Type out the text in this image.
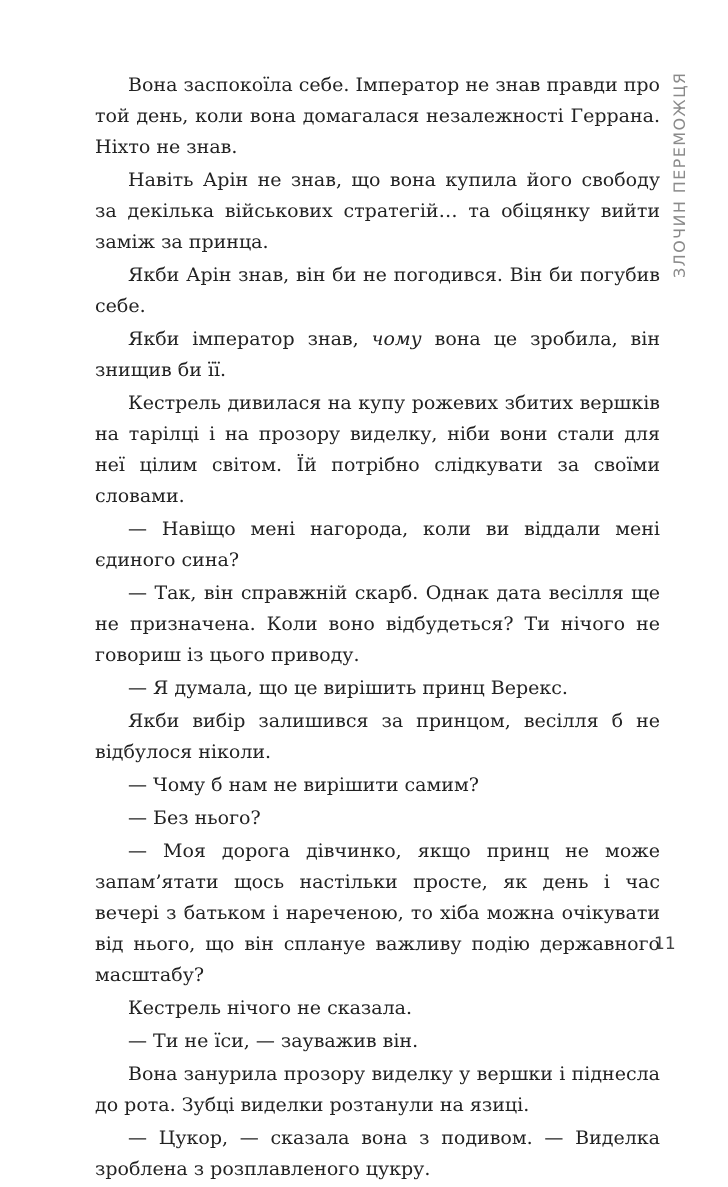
Вона заспокоїла себе. Імператор не знав правди про той день, коли вона домагалася незалежності Геррана. Ніхто не знав.

Навіть Арін не знав, що вона купила його свободу за декілька військових стратегій… та обіцянку вийти заміж за принца.

Якби Арін знав, він би не погодився. Він би погубив себе.

Якби імператор знав, чому вона це зробила, він знищив би її.

Кестрель дивилася на купу рожевих збитих вершків на тарілці і на прозору виделку, ніби вони стали для неї цілим світом. Їй потрібно слідкувати за своїми словами.

— Навіщо мені нагорода, коли ви віддали мені єдиного сина?

— Так, він справжній скарб. Однак дата весілля ще не призначена. Коли воно відбудеться? Ти нічого не говориш із цього приводу.

— Я думала, що це вирішить принц Верекс.

Якби вибір залишився за принцом, весілля б не відбулося ніколи.

— Чому б нам не вирішити самим?

— Без нього?

— Моя дорога дівчинко, якщо принц не може запам’ятати щось настільки просте, як день і час вечері з батьком і нареченою, то хіба можна очікувати від нього, що він сплануе важливу подію державного масштабу?

Кестрель нічого не сказала.

— Ти не їси, — зауважив він.

Вона занурила прозору виделку у вершки і піднесла до рота. Зубці виделки розтанули на язиці.

— Цукор, — сказала вона з подивом. — Виделка зроблена з розплавленого цукру.

ЗЛОЧИН ПЕРЕМОЖЦЯ
11
